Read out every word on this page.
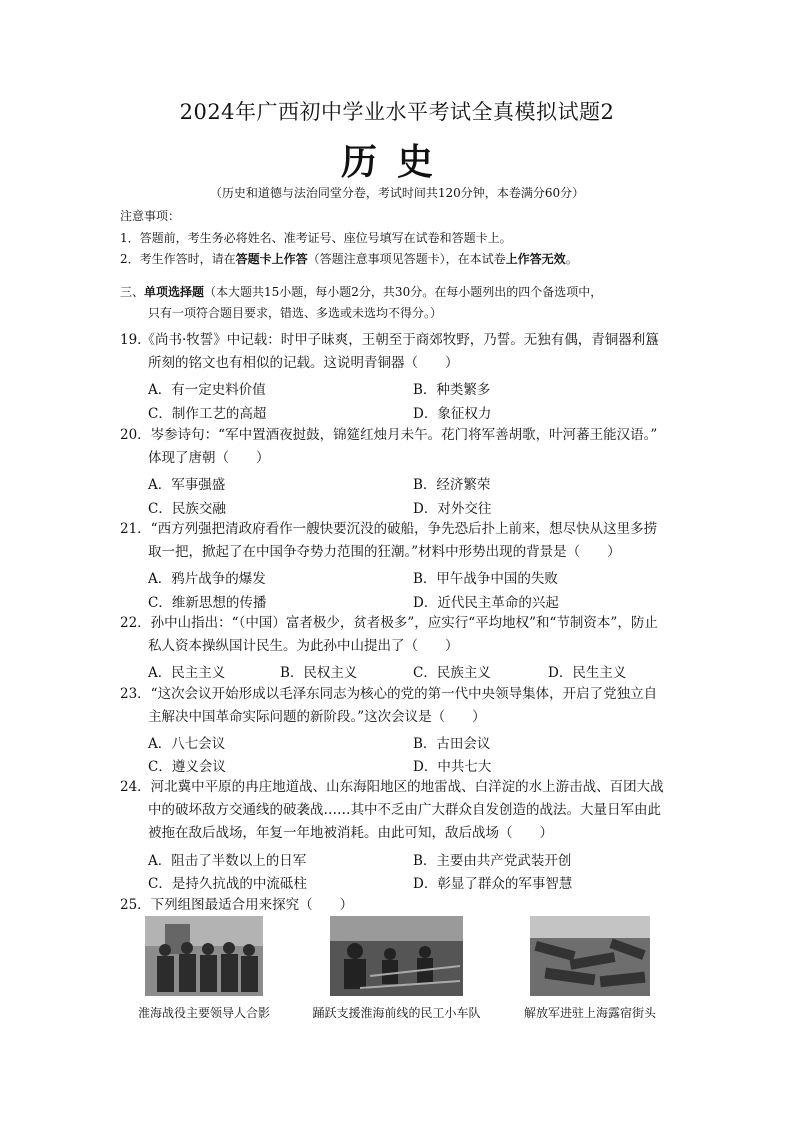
2024年广西初中学业水平考试全真模拟试题2
历史
（历史和道德与法治同堂分卷，考试时间共120分钟，本卷满分60分）
注意事项：
1．答题前，考生务必将姓名、准考证号、座位号填写在试卷和答题卡上。
2．考生作答时，请在答题卡上作答（答题注意事项见答题卡），在本试卷上作答无效。
三、单项选择题（本大题共15小题，每小题2分，共30分。在每小题列出的四个备选项中，
只有一项符合题目要求，错选、多选或未选均不得分。）
19.《尚书·牧誓》中记载：时甲子昧爽，王朝至于商郊牧野，乃誓。无独有偶，青铜器利簋
所刻的铭文也有相似的记载。这说明青铜器（　　）
A．有一定史料价值	B．种类繁多
C．制作工艺的高超	D．象征权力
20．岑参诗句：“军中置酒夜挝鼓，锦筵红烛月未午。花门将军善胡歌，叶河蕃王能汉语。”
体现了唐朝（　　）
A．军事强盛	B．经济繁荣
C．民族交融	D．对外交往
21．“西方列强把清政府看作一艘快要沉没的破船，争先恐后扑上前来，想尽快从这里多捞
取一把，掀起了在中国争夺势力范围的狂潮。”材料中形势出现的背景是（　　）
A．鸦片战争的爆发	B．甲午战争中国的失败
C．维新思想的传播	D．近代民主革命的兴起
22．孙中山指出：“（中国）富者极少，贫者极多”，应实行“平均地权”和“节制资本”，防止
私人资本操纵国计民生。为此孙中山提出了（　　）
A．民主主义	B．民权主义	C．民族主义	D．民生主义
23．“这次会议开始形成以毛泽东同志为核心的党的第一代中央领导集体，开启了党独立自
主解决中国革命实际问题的新阶段。”这次会议是（　　）
A．八七会议	B．古田会议
C．遵义会议	D．中共七大
24．河北冀中平原的冉庄地道战、山东海阳地区的地雷战、白洋淀的水上游击战、百团大战
中的破坏敌方交通线的破袭战……其中不乏由广大群众自发创造的战法。大量日军由此
被拖在敌后战场，年复一年地被消耗。由此可知，敌后战场（　　）
A．阻击了半数以上的日军	B．主要由共产党武装开创
C．是持久抗战的中流砥柱	D．彰显了群众的军事智慧
25．下列组图最适合用来探究（　　）
淮海战役主要领导人合影	踊跃支援淮海前线的民工小车队	解放军进驻上海露宿街头
